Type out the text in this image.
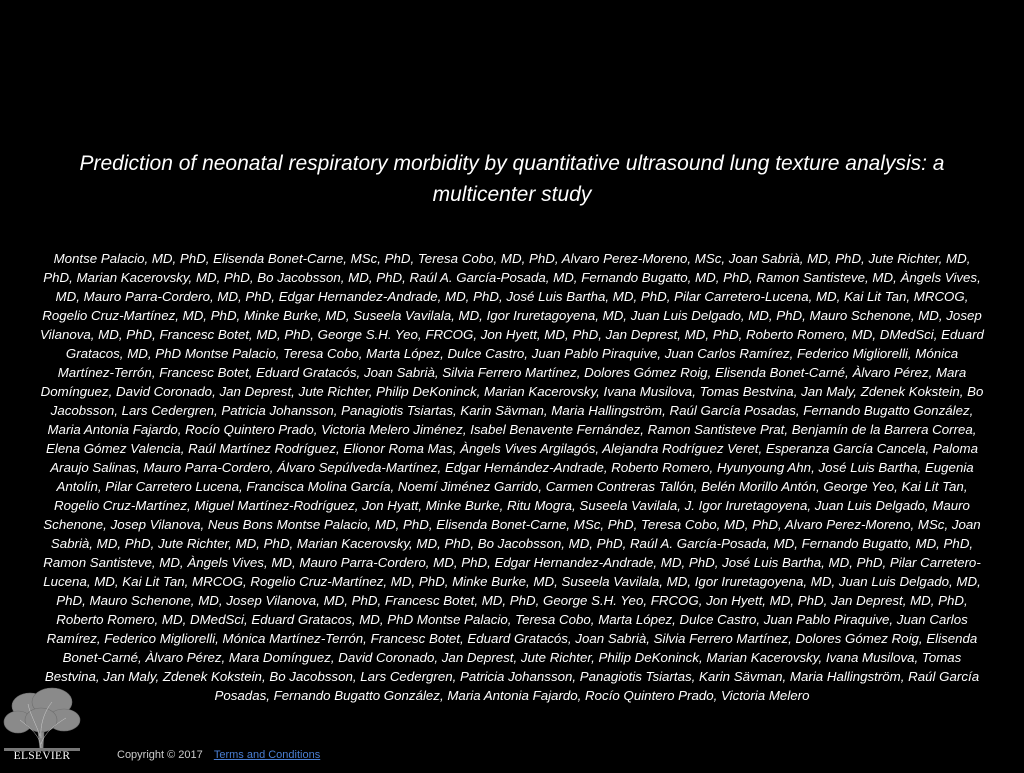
Prediction of neonatal respiratory morbidity by quantitative ultrasound lung texture analysis: a multicenter study

Montse Palacio, MD, PhD, Elisenda Bonet-Carne, MSc, PhD, Teresa Cobo, MD, PhD, Alvaro Perez-Moreno, MSc, Joan Sabrià, MD, PhD, Jute Richter, MD, PhD, Marian Kacerovsky, MD, PhD, Bo Jacobsson, MD, PhD, Raúl A. García-Posada, MD, Fernando Bugatto, MD, PhD, Ramon Santisteve, MD, Àngels Vives, MD, Mauro Parra-Cordero, MD, PhD, Edgar Hernandez-Andrade, MD, PhD, José Luis Bartha, MD, PhD, Pilar Carretero-Lucena, MD, Kai Lit Tan, MRCOG, Rogelio Cruz-Martínez, MD, PhD, Minke Burke, MD, Suseela Vavilala, MD, Igor Iruretagoyena, MD, Juan Luis Delgado, MD, PhD, Mauro Schenone, MD, Josep Vilanova, MD, PhD, Francesc Botet, MD, PhD, George S.H. Yeo, FRCOG, Jon Hyett, MD, PhD, Jan Deprest, MD, PhD, Roberto Romero, MD, DMedSci, Eduard Gratacos, MD, PhD Montse Palacio, Teresa Cobo, Marta López, Dulce Castro, Juan Pablo Piraquive, Juan Carlos Ramírez, Federico Migliorelli, Mónica Martínez-Terrón, Francesc Botet, Eduard Gratacós, Joan Sabrià, Silvia Ferrero Martínez, Dolores Gómez Roig, Elisenda Bonet-Carné, Àlvaro Pérez, Mara Domínguez, David Coronado, Jan Deprest, Jute Richter, Philip DeKoninck, Marian Kacerovsky, Ivana Musilova, Tomas Bestvina, Jan Maly, Zdenek Kokstein, Bo Jacobsson, Lars Cedergren, Patricia Johansson, Panagiotis Tsiartas, Karin Sävman, Maria Hallingström, Raúl García Posadas, Fernando Bugatto González, Maria Antonia Fajardo, Rocío Quintero Prado, Victoria Melero Jiménez, Isabel Benavente Fernández, Ramon Santisteve Prat, Benjamín de la Barrera Correa, Elena Gómez Valencia, Raúl Martínez Rodríguez, Elionor Roma Mas, Àngels Vives Argilagós, Alejandra Rodríguez Veret, Esperanza García Cancela, Paloma Araujo Salinas, Mauro Parra-Cordero, Álvaro Sepúlveda-Martínez, Edgar Hernández-Andrade, Roberto Romero, Hyunyoung Ahn, José Luis Bartha, Eugenia Antolín, Pilar Carretero Lucena, Francisca Molina García, Noemí Jiménez Garrido, Carmen Contreras Tallón, Belén Morillo Antón, George Yeo, Kai Lit Tan, Rogelio Cruz-Martínez, Miguel Martínez-Rodríguez, Jon Hyatt, Minke Burke, Ritu Mogra, Suseela Vavilala, J. Igor Iruretagoyena, Juan Luis Delgado, Mauro Schenone, Josep Vilanova, Neus Bons Montse Palacio, MD, PhD, Elisenda Bonet-Carne, MSc, PhD, Teresa Cobo, MD, PhD, Alvaro Perez-Moreno, MSc, Joan Sabrià, MD, PhD, Jute Richter, MD, PhD, Marian Kacerovsky, MD, PhD, Bo Jacobsson, MD, PhD, Raúl A. García-Posada, MD, Fernando Bugatto, MD, PhD, Ramon Santisteve, MD, Àngels Vives, MD, Mauro Parra-Cordero, MD, PhD, Edgar Hernandez-Andrade, MD, PhD, José Luis Bartha, MD, PhD, Pilar Carretero-Lucena, MD, Kai Lit Tan, MRCOG, Rogelio Cruz-Martínez, MD, PhD, Minke Burke, MD, Suseela Vavilala, MD, Igor Iruretagoyena, MD, Juan Luis Delgado, MD, PhD, Mauro Schenone, MD, Josep Vilanova, MD, PhD, Francesc Botet, MD, PhD, George S.H. Yeo, FRCOG, Jon Hyett, MD, PhD, Jan Deprest, MD, PhD, Roberto Romero, MD, DMedSci, Eduard Gratacos, MD, PhD Montse Palacio, Teresa Cobo, Marta López, Dulce Castro, Juan Pablo Piraquive, Juan Carlos Ramírez, Federico Migliorelli, Mónica Martínez-Terrón, Francesc Botet, Eduard Gratacós, Joan Sabrià, Silvia Ferrero Martínez, Dolores Gómez Roig, Elisenda Bonet-Carné, Àlvaro Pérez, Mara Domínguez, David Coronado, Jan Deprest, Jute Richter, Philip DeKoninck, Marian Kacerovsky, Ivana Musilova, Tomas Bestvina, Jan Maly, Zdenek Kokstein, Bo Jacobsson, Lars Cedergren, Patricia Johansson, Panagiotis Tsiartas, Karin Sävman, Maria Hallingström, Raúl García Posadas, Fernando Bugatto González, Maria Antonia Fajardo, Rocío Quintero Prado, Victoria Melero

ELSEVIER	Copyright © 2017 Terms and Conditions
